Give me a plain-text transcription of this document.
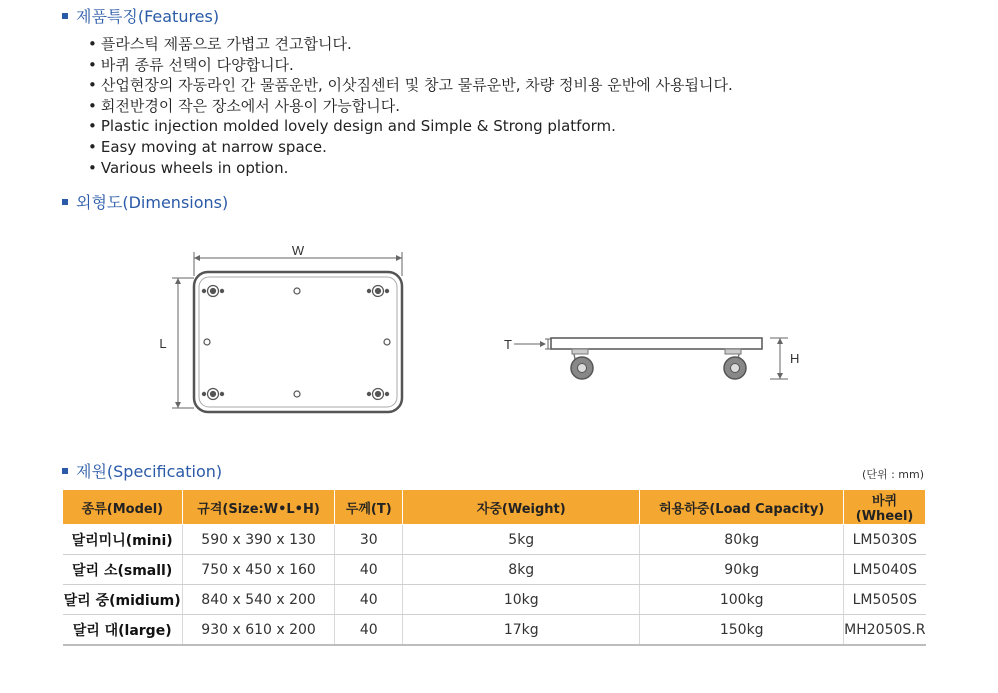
제품특징(Features)
• 플라스틱 제품으로 가볍고 견고합니다.
• 바퀴 종류 선택이 다양합니다.
• 산업현장의 자동라인 간 물품운반, 이삿짐센터 및 창고 물류운반, 차량 정비용 운반에 사용됩니다.
• 회전반경이 작은 장소에서 사용이 가능합니다.
• Plastic injection molded lovely design and Simple & Strong platform.
• Easy moving at narrow space.
• Various wheels in option.
외형도(Dimensions)
W
L	T
H
제원(Specification)	(단위 : mm)
종류(Model)	규격(Size:W•L•H)	두께(T)	자중(Weight)	허용하중(Load Capacity)	바퀴(Wheel)
달리미니(mini)	590 x 390 x 130	30	5kg	80kg	LM5030S
달리 소(small)	750 x 450 x 160	40	8kg	90kg	LM5040S
달리 중(midium)	840 x 540 x 200	40	10kg	100kg	LM5050S
달리 대(large)	930 x 610 x 200	40	17kg	150kg	MH2050S.R
